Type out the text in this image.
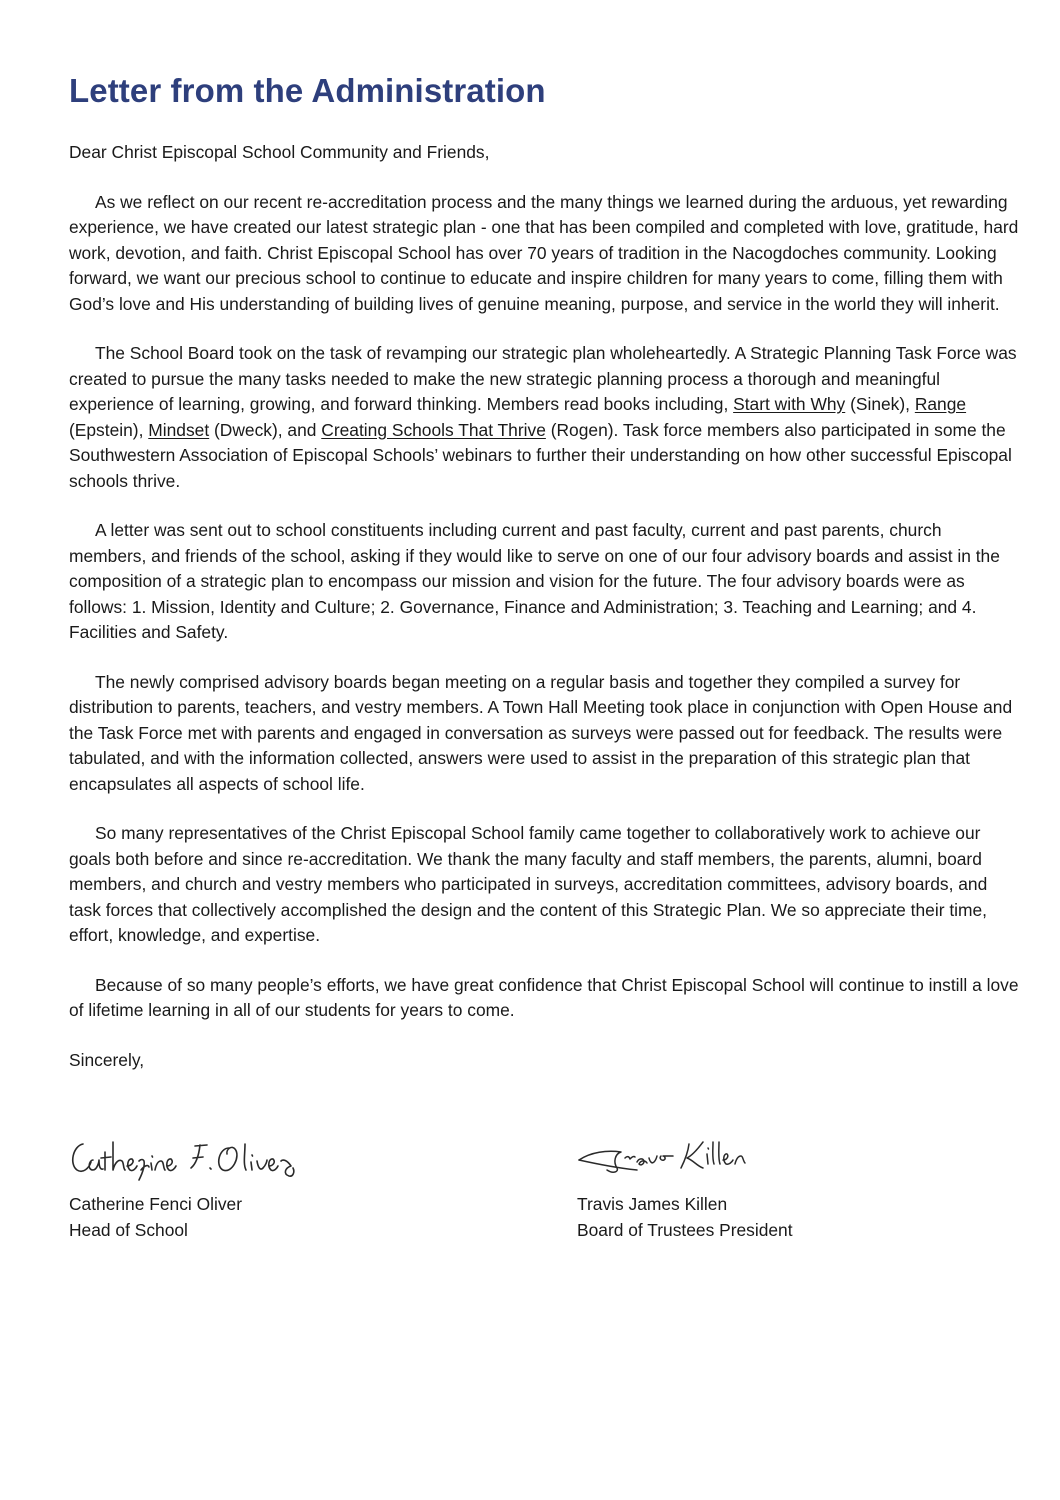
Letter from the Administration

Dear Christ Episcopal School Community and Friends,

As we reflect on our recent re-accreditation process and the many things we learned during the arduous, yet rewarding experience, we have created our latest strategic plan - one that has been compiled and completed with love, gratitude, hard work, devotion, and faith. Christ Episcopal School has over 70 years of tradition in the Nacogdoches community. Looking forward, we want our precious school to continue to educate and inspire children for many years to come, filling them with God’s love and His understanding of building lives of genuine meaning, purpose, and service in the world they will inherit.

The School Board took on the task of revamping our strategic plan wholeheartedly. A Strategic Planning Task Force was created to pursue the many tasks needed to make the new strategic planning process a thorough and meaningful experience of learning, growing, and forward thinking. Members read books including, Start with Why (Sinek), Range (Epstein), Mindset (Dweck), and Creating Schools That Thrive (Rogen). Task force members also participated in some the Southwestern Association of Episcopal Schools’ webinars to further their understanding on how other successful Episcopal schools thrive.

A letter was sent out to school constituents including current and past faculty, current and past parents, church members, and friends of the school, asking if they would like to serve on one of our four advisory boards and assist in the composition of a strategic plan to encompass our mission and vision for the future. The four advisory boards were as follows: 1. Mission, Identity and Culture; 2. Governance, Finance and Administration; 3. Teaching and Learning; and 4. Facilities and Safety.

The newly comprised advisory boards began meeting on a regular basis and together they compiled a survey for distribution to parents, teachers, and vestry members. A Town Hall Meeting took place in conjunction with Open House and the Task Force met with parents and engaged in conversation as surveys were passed out for feedback. The results were tabulated, and with the information collected, answers were used to assist in the preparation of this strategic plan that encapsulates all aspects of school life.

So many representatives of the Christ Episcopal School family came together to collaboratively work to achieve our goals both before and since re-accreditation. We thank the many faculty and staff members, the parents, alumni, board members, and church and vestry members who participated in surveys, accreditation committees, advisory boards, and task forces that collectively accomplished the design and the content of this Strategic Plan. We so appreciate their time, effort, knowledge, and expertise.

Because of so many people’s efforts, we have great confidence that Christ Episcopal School will continue to instill a love of lifetime learning in all of our students for years to come.

Sincerely,

Catherine Fenci Oliver
Head of School
Travis James Killen
Board of Trustees President
